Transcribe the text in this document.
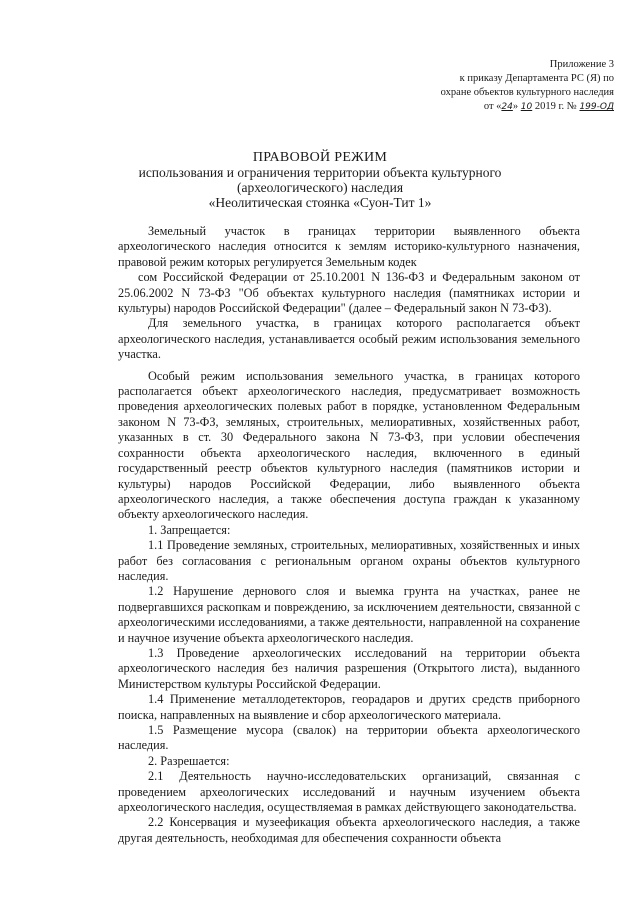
Приложение 3
к приказу Департамента РС (Я) по
охране объектов культурного наследия
от «24» 10 2019 г. № 199-ОД
ПРАВОВОЙ РЕЖИМ
использования и ограничения территории объекта культурного
(археологического) наследия
«Неолитическая стоянка «Суон-Тит 1»

Земельный участок в границах территории выявленного объекта археологического наследия относится к землям историко-культурного назначения, правовой режим которых регулируется Земельным кодек

сом Российской Федерации от 25.10.2001 N 136-ФЗ и Федеральным законом от 25.06.2002 N 73-ФЗ "Об объектах культурного наследия (памятниках истории и культуры) народов Российской Федерации" (далее – Федеральный закон N 73-ФЗ).

Для земельного участка, в границах которого располагается объект археологического наследия, устанавливается особый режим использования земельного участка.

Особый режим использования земельного участка, в границах которого располагается объект археологического наследия, предусматривает возможность проведения археологических полевых работ в порядке, установленном Федеральным законом N 73-ФЗ, земляных, строительных, мелиоративных, хозяйственных работ, указанных в ст. 30 Федерального закона N 73-ФЗ, при условии обеспечения сохранности объекта археологического наследия, включенного в единый государственный реестр объектов культурного наследия (памятников истории и культуры) народов Российской Федерации, либо выявленного объекта археологического наследия, а также обеспечения доступа граждан к указанному объекту археологического наследия.

1. Запрещается:

1.1 Проведение земляных, строительных, мелиоративных, хозяйственных и иных работ без согласования с региональным органом охраны объектов культурного наследия.

1.2 Нарушение дернового слоя и выемка грунта на участках, ранее не подвергавшихся раскопкам и повреждению, за исключением деятельности, связанной с археологическими исследованиями, а также деятельности, направленной на сохранение и научное изучение объекта археологического наследия.

1.3 Проведение археологических исследований на территории объекта археологического наследия без наличия разрешения (Открытого листа), выданного Министерством культуры Российской Федерации.

1.4 Применение металлодетекторов, георадаров и других средств приборного поиска, направленных на выявление и сбор археологического материала.

1.5 Размещение мусора (свалок) на территории объекта археологического наследия.

2. Разрешается:

2.1 Деятельность научно-исследовательских организаций, связанная с проведением археологических исследований и научным изучением объекта археологического наследия, осуществляемая в рамках действующего законодательства.

2.2 Консервация и музеефикация объекта археологического наследия, а также другая деятельность, необходимая для обеспечения сохранности объекта
